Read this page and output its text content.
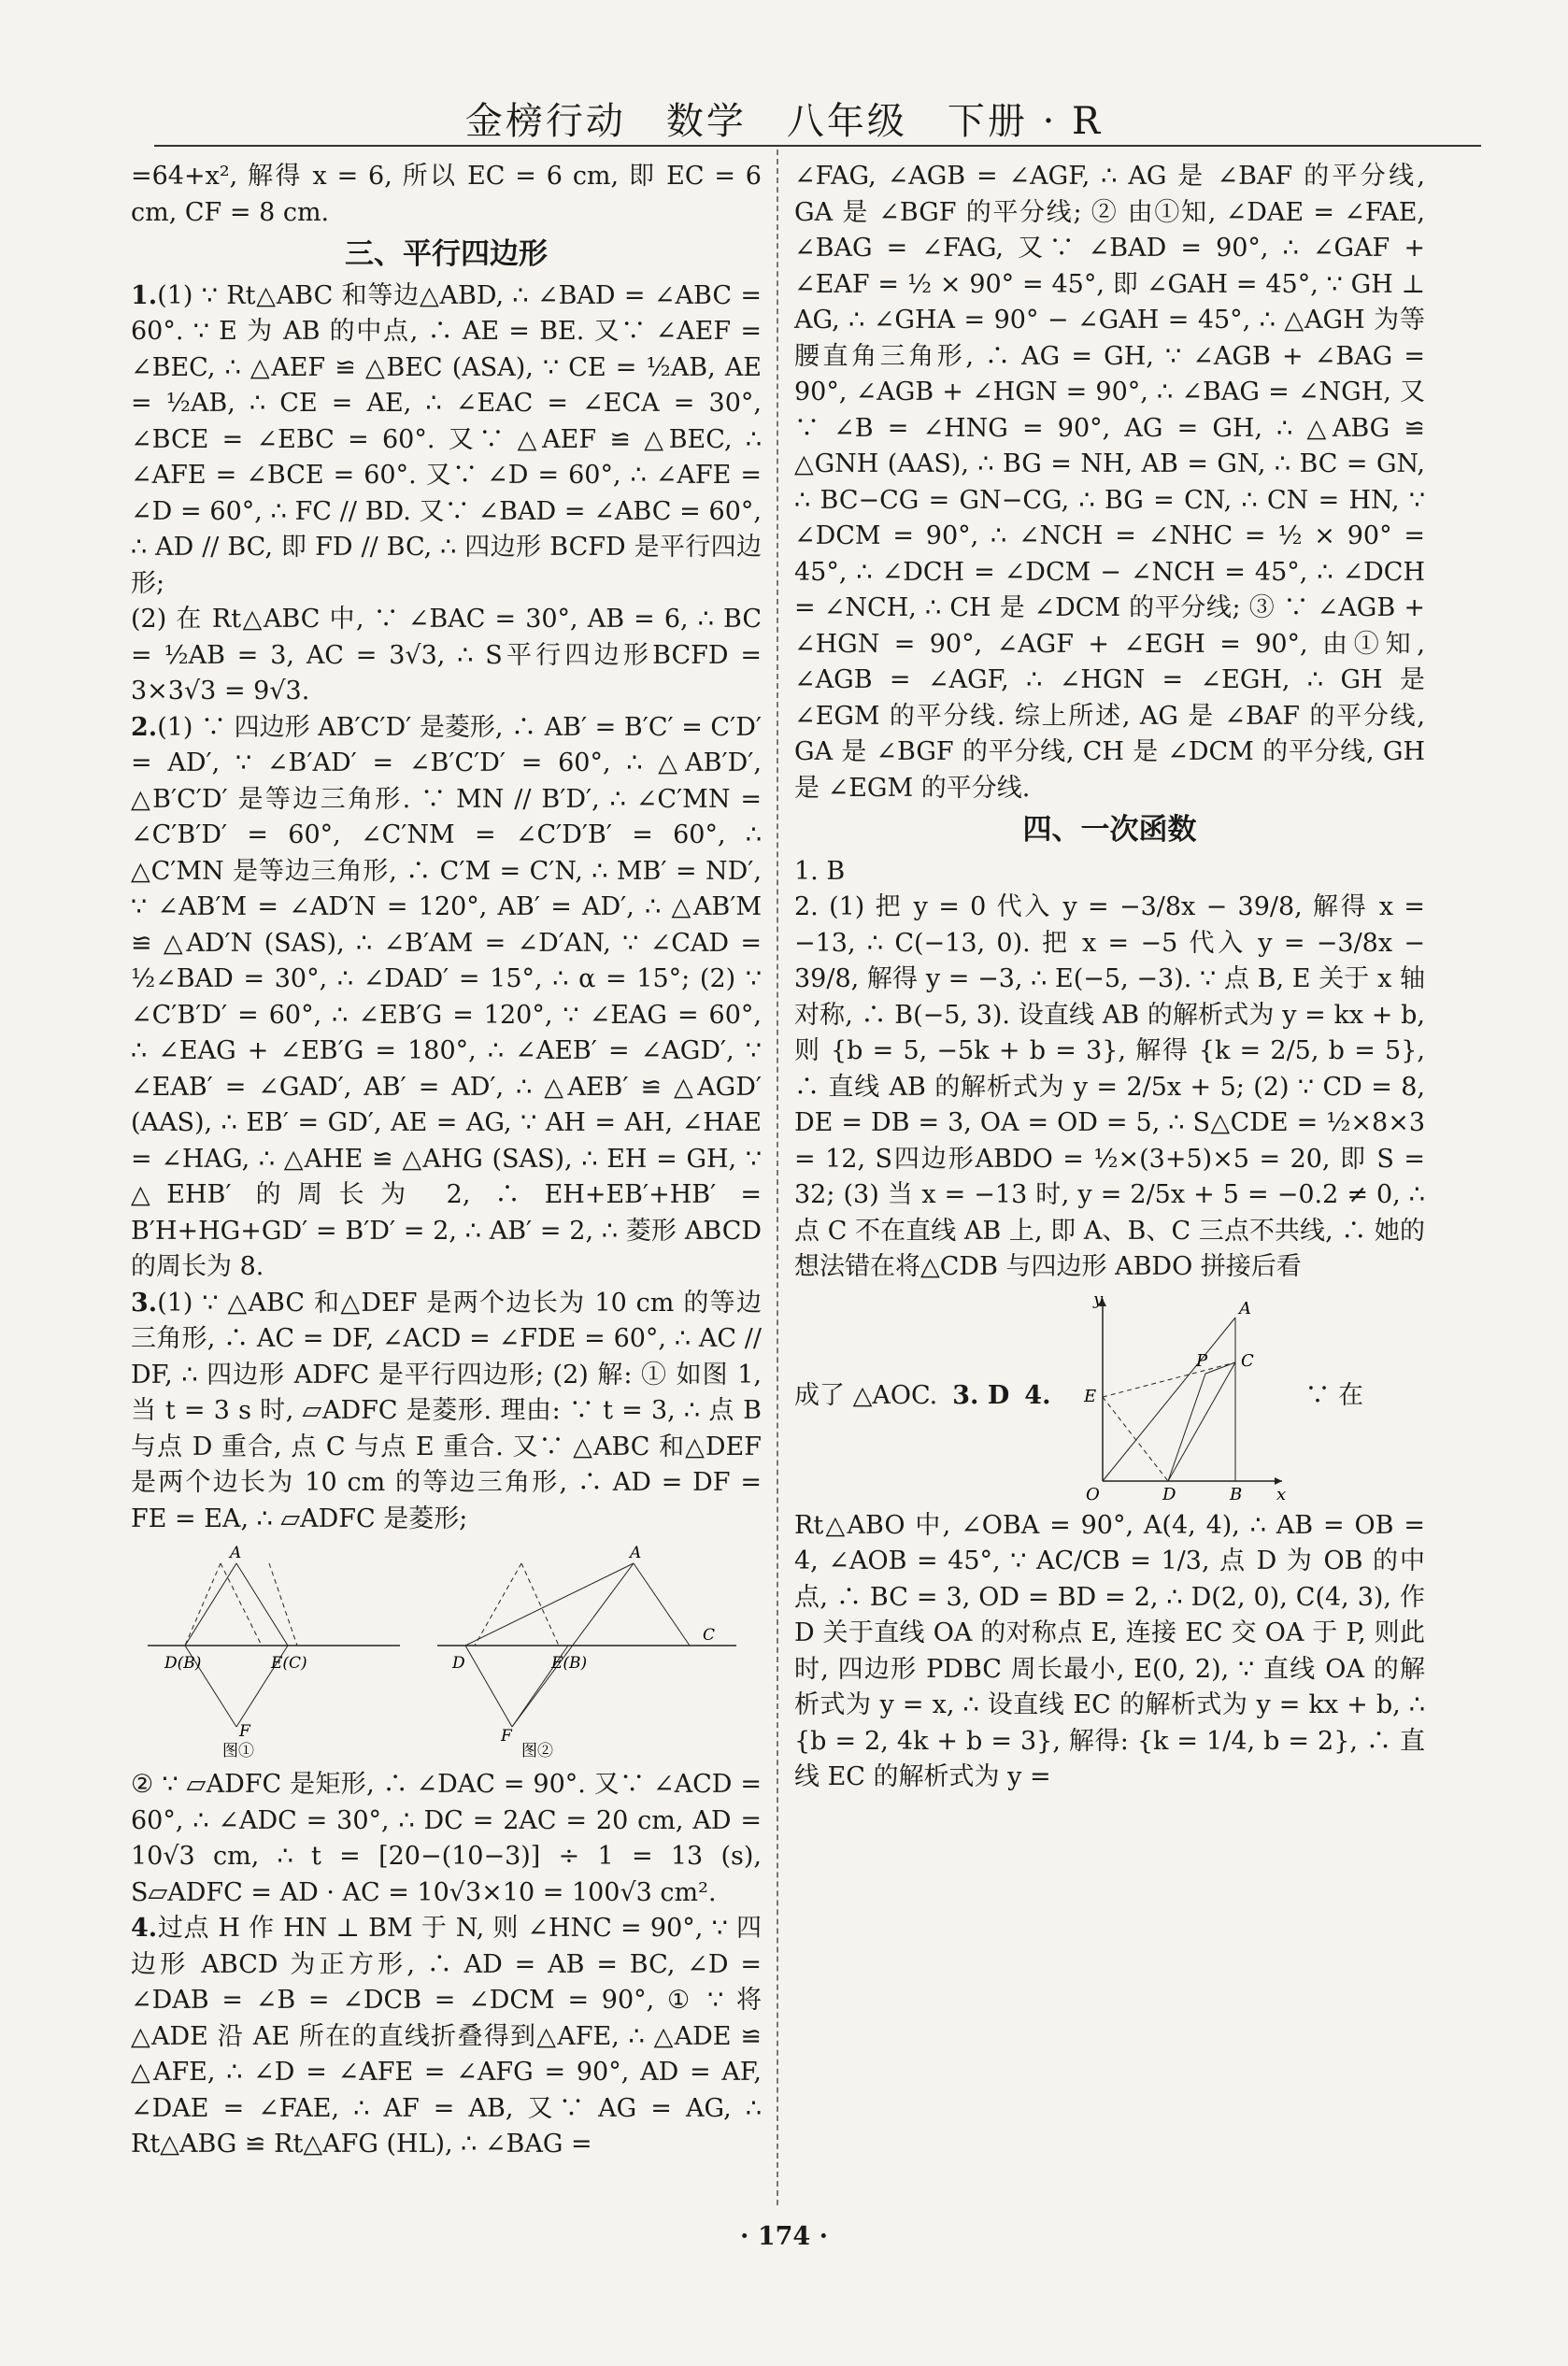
金榜行动　数学　八年级　下册 · R

=64+x², 解得 x = 6, 所以 EC = 6 cm, 即 EC = 6 cm, CF = 8 cm.

三、平行四边形

1.(1) ∵ Rt△ABC 和等边△ABD, ∴ ∠BAD = ∠ABC = 60°. ∵ E 为 AB 的中点, ∴ AE = BE. 又∵ ∠AEF = ∠BEC, ∴ △AEF ≌ △BEC (ASA), ∵ CE = ½AB, AE = ½AB, ∴ CE = AE, ∴ ∠EAC = ∠ECA = 30°, ∠BCE = ∠EBC = 60°. 又∵ △AEF ≌ △BEC, ∴ ∠AFE = ∠BCE = 60°. 又∵ ∠D = 60°, ∴ ∠AFE = ∠D = 60°, ∴ FC // BD. 又∵ ∠BAD = ∠ABC = 60°, ∴ AD // BC, 即 FD // BC, ∴ 四边形 BCFD 是平行四边形;

(2) 在 Rt△ABC 中, ∵ ∠BAC = 30°, AB = 6, ∴ BC = ½AB = 3, AC = 3√3, ∴ S平行四边形BCFD = 3×3√3 = 9√3.

2.(1) ∵ 四边形 AB′C′D′ 是菱形, ∴ AB′ = B′C′ = C′D′ = AD′, ∵ ∠B′AD′ = ∠B′C′D′ = 60°, ∴ △AB′D′, △B′C′D′ 是等边三角形. ∵ MN // B′D′, ∴ ∠C′MN = ∠C′B′D′ = 60°, ∠C′NM = ∠C′D′B′ = 60°, ∴ △C′MN 是等边三角形, ∴ C′M = C′N, ∴ MB′ = ND′, ∵ ∠AB′M = ∠AD′N = 120°, AB′ = AD′, ∴ △AB′M ≌ △AD′N (SAS), ∴ ∠B′AM = ∠D′AN, ∵ ∠CAD = ½∠BAD = 30°, ∴ ∠DAD′ = 15°, ∴ α = 15°; (2) ∵ ∠C′B′D′ = 60°, ∴ ∠EB′G = 120°, ∵ ∠EAG = 60°, ∴ ∠EAG + ∠EB′G = 180°, ∴ ∠AEB′ = ∠AGD′, ∵ ∠EAB′ = ∠GAD′, AB′ = AD′, ∴ △AEB′ ≌ △AGD′ (AAS), ∴ EB′ = GD′, AE = AG, ∵ AH = AH, ∠HAE = ∠HAG, ∴ △AHE ≌ △AHG (SAS), ∴ EH = GH, ∵ △EHB′ 的周长为 2, ∴ EH+EB′+HB′ = B′H+HG+GD′ = B′D′ = 2, ∴ AB′ = 2, ∴ 菱形 ABCD 的周长为 8.

3.(1) ∵ △ABC 和△DEF 是两个边长为 10 cm 的等边三角形, ∴ AC = DF, ∠ACD = ∠FDE = 60°, ∴ AC // DF, ∴ 四边形 ADFC 是平行四边形; (2) 解: ① 如图 1, 当 t = 3 s 时, ▱ADFC 是菱形. 理由: ∵ t = 3, ∴ 点 B 与点 D 重合, 点 C 与点 E 重合. 又∵ △ABC 和△DEF 是两个边长为 10 cm 的等边三角形, ∴ AD = DF = FE = EA, ∴ ▱ADFC 是菱形;

A
D(B)	E(C)
F
图①
A
D	E(B)
C
F
图②

② ∵ ▱ADFC 是矩形, ∴ ∠DAC = 90°. 又∵ ∠ACD = 60°, ∴ ∠ADC = 30°, ∴ DC = 2AC = 20 cm, AD = 10√3 cm, ∴ t = [20−(10−3)] ÷ 1 = 13 (s), S▱ADFC = AD · AC = 10√3×10 = 100√3 cm².

4.过点 H 作 HN ⊥ BM 于 N, 则 ∠HNC = 90°, ∵ 四边形 ABCD 为正方形, ∴ AD = AB = BC, ∠D = ∠DAB = ∠B = ∠DCB = ∠DCM = 90°, ① ∵ 将△ADE 沿 AE 所在的直线折叠得到△AFE, ∴ △ADE ≌ △AFE, ∴ ∠D = ∠AFE = ∠AFG = 90°, AD = AF, ∠DAE = ∠FAE, ∴ AF = AB, 又∵ AG = AG, ∴ Rt△ABG ≌ Rt△AFG (HL), ∴ ∠BAG =

∠FAG, ∠AGB = ∠AGF, ∴ AG 是 ∠BAF 的平分线, GA 是 ∠BGF 的平分线; ② 由①知, ∠DAE = ∠FAE, ∠BAG = ∠FAG, 又∵ ∠BAD = 90°, ∴ ∠GAF + ∠EAF = ½ × 90° = 45°, 即 ∠GAH = 45°, ∵ GH ⊥ AG, ∴ ∠GHA = 90° − ∠GAH = 45°, ∴ △AGH 为等腰直角三角形, ∴ AG = GH, ∵ ∠AGB + ∠BAG = 90°, ∠AGB + ∠HGN = 90°, ∴ ∠BAG = ∠NGH, 又∵ ∠B = ∠HNG = 90°, AG = GH, ∴ △ABG ≌ △GNH (AAS), ∴ BG = NH, AB = GN, ∴ BC = GN, ∴ BC−CG = GN−CG, ∴ BG = CN, ∴ CN = HN, ∵ ∠DCM = 90°, ∴ ∠NCH = ∠NHC = ½ × 90° = 45°, ∴ ∠DCH = ∠DCM − ∠NCH = 45°, ∴ ∠DCH = ∠NCH, ∴ CH 是 ∠DCM 的平分线; ③ ∵ ∠AGB + ∠HGN = 90°, ∠AGF + ∠EGH = 90°, 由①知, ∠AGB = ∠AGF, ∴ ∠HGN = ∠EGH, ∴ GH 是 ∠EGM 的平分线. 综上所述, AG 是 ∠BAF 的平分线, GA 是 ∠BGF 的平分线, CH 是 ∠DCM 的平分线, GH 是 ∠EGM 的平分线.

四、一次函数

1. B

2. (1) 把 y = 0 代入 y = −3/8x − 39/8, 解得 x = −13, ∴ C(−13, 0). 把 x = −5 代入 y = −3/8x − 39/8, 解得 y = −3, ∴ E(−5, −3). ∵ 点 B, E 关于 x 轴对称, ∴ B(−5, 3). 设直线 AB 的解析式为 y = kx + b, 则 {b = 5, −5k + b = 3}, 解得 {k = 2/5, b = 5}, ∴ 直线 AB 的解析式为 y = 2/5x + 5; (2) ∵ CD = 8, DE = DB = 3, OA = OD = 5, ∴ S△CDE = ½×8×3 = 12, S四边形ABDO = ½×(3+5)×5 = 20, 即 S = 32; (3) 当 x = −13 时, y = 2/5x + 5 = −0.2 ≠ 0, ∴ 点 C 不在直线 AB 上, 即 A、B、C 三点不共线, ∴ 她的想法错在将△CDB 与四边形 ABDO 拼接后看

成了 △AOC. 3. D 4.
y	A
C
P
E
O	D	B x
∵ 在

Rt△ABO 中, ∠OBA = 90°, A(4, 4), ∴ AB = OB = 4, ∠AOB = 45°, ∵ AC/CB = 1/3, 点 D 为 OB 的中点, ∴ BC = 3, OD = BD = 2, ∴ D(2, 0), C(4, 3), 作 D 关于直线 OA 的对称点 E, 连接 EC 交 OA 于 P, 则此时, 四边形 PDBC 周长最小, E(0, 2), ∵ 直线 OA 的解析式为 y = x, ∴ 设直线 EC 的解析式为 y = kx + b, ∴ {b = 2, 4k + b = 3}, 解得: {k = 1/4, b = 2}, ∴ 直线 EC 的解析式为 y =

· 174 ·
